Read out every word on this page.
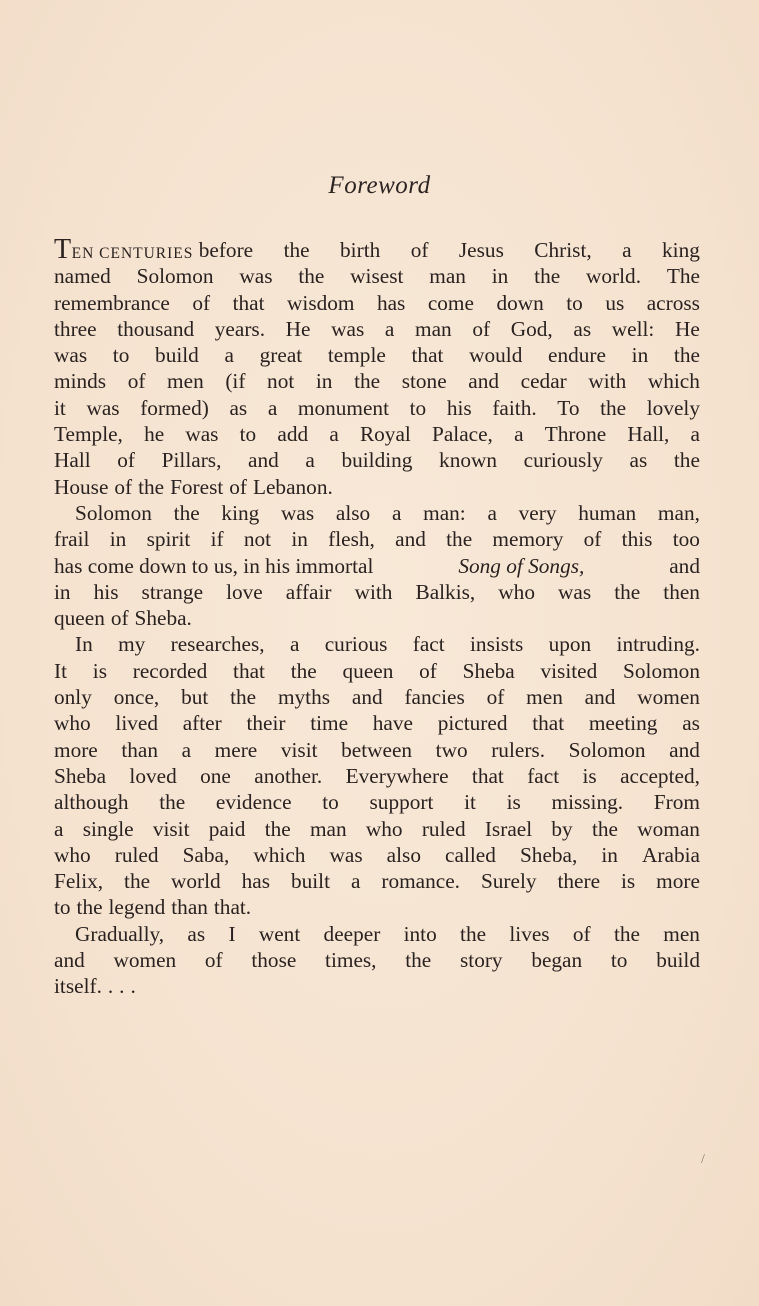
Foreword
TEN CENTURIES before the birth of Jesus Christ, a king
named Solomon was the wisest man in the world. The
remembrance of that wisdom has come down to us across
three thousand years. He was a man of God, as well: He
was to build a great temple that would endure in the
minds of men (if not in the stone and cedar with which
it was formed) as a monument to his faith. To the lovely
Temple, he was to add a Royal Palace, a Throne Hall, a
Hall of Pillars, and a building known curiously as the
House of the Forest of Lebanon.
Solomon the king was also a man: a very human man,
frail in spirit if not in flesh, and the memory of this too
has come down to us, in his immortal	Song of Songs,	and
in his strange love affair with Balkis, who was the then
queen of Sheba.
In my researches, a curious fact insists upon intruding.
It is recorded that the queen of Sheba visited Solomon
only once, but the myths and fancies of men and women
who lived after their time have pictured that meeting as
more than a mere visit between two rulers. Solomon and
Sheba loved one another. Everywhere that fact is accepted,
although the evidence to support it is missing. From
a single visit paid the man who ruled Israel by the woman
who ruled Saba, which was also called Sheba, in Arabia
Felix, the world has built a romance. Surely there is more
to the legend than that.
Gradually, as I went deeper into the lives of the men
and women of those times, the story began to build
itself. . . .
/
